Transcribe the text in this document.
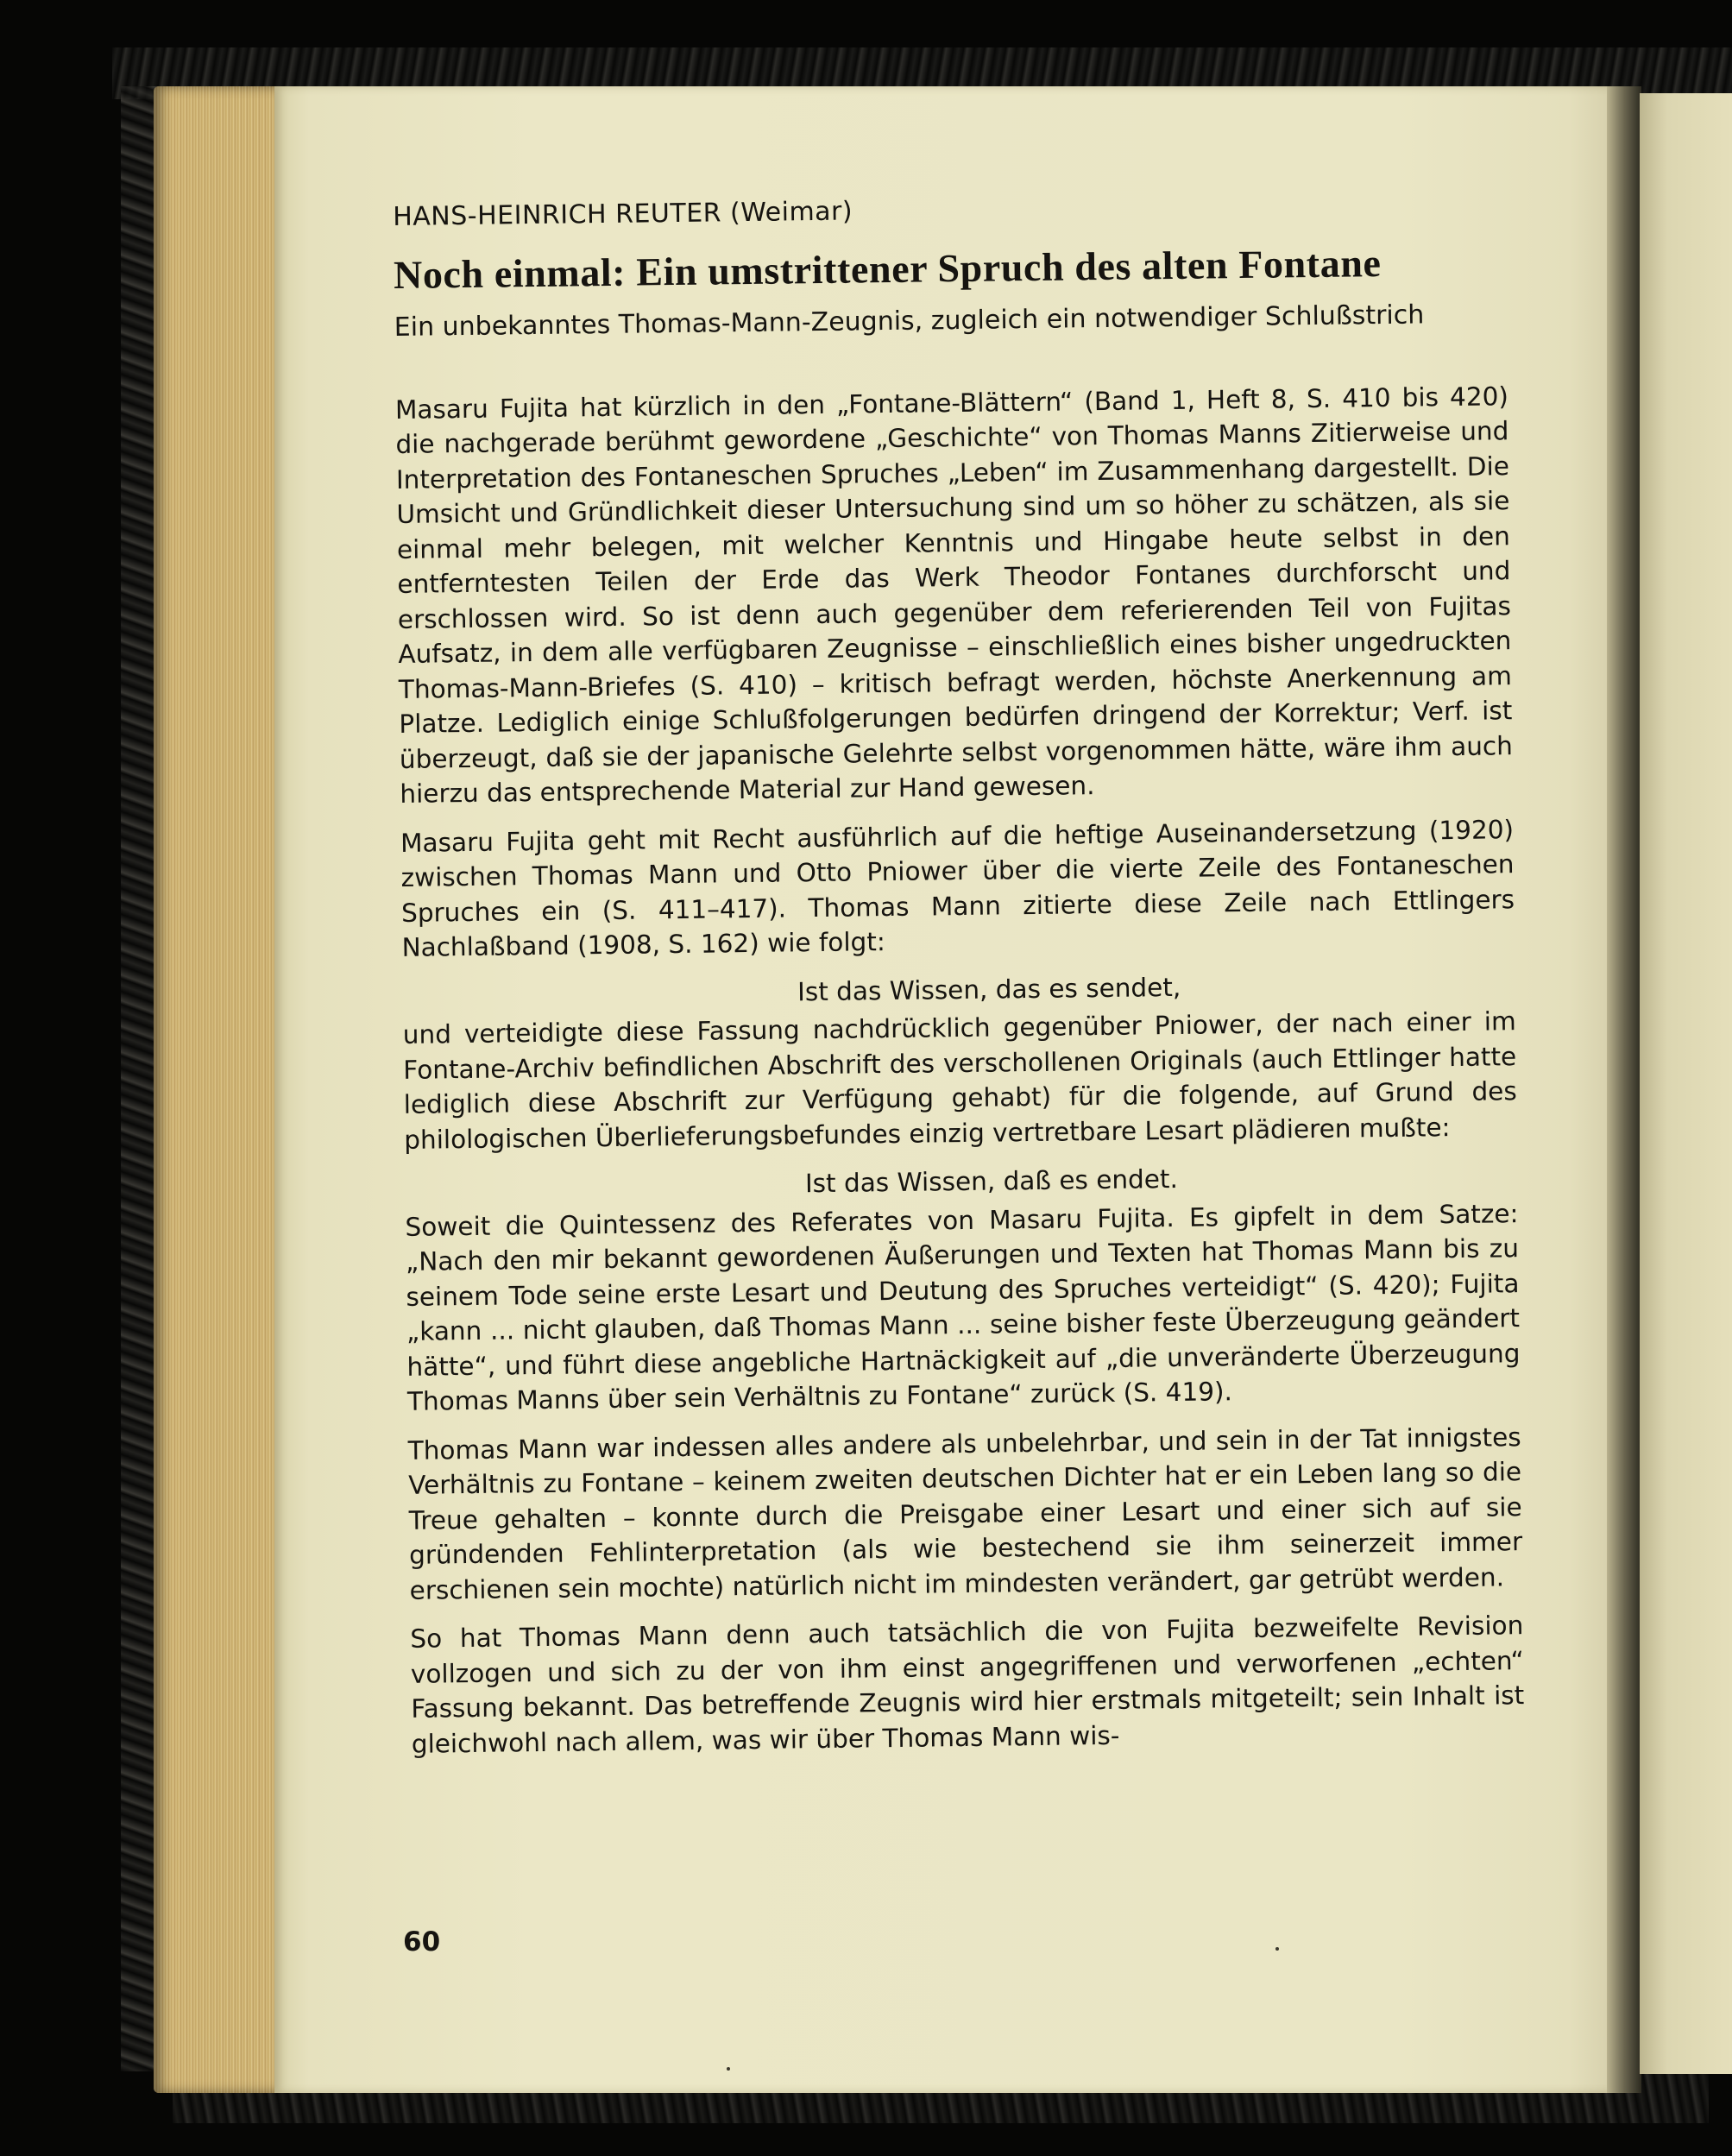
HANS-HEINRICH REUTER (Weimar)
Noch einmal: Ein umstrittener Spruch des alten Fontane
Ein unbekanntes Thomas-Mann-Zeugnis, zugleich ein notwendiger Schlußstrich

Masaru Fujita hat kürzlich in den „Fontane-Blättern“ (Band 1, Heft 8, S. 410 bis 420) die nachgerade berühmt gewordene „Geschichte“ von Thomas Manns Zitierweise und Interpretation des Fontaneschen Spruches „Leben“ im Zusammenhang dargestellt. Die Umsicht und Gründlichkeit dieser Untersuchung sind um so höher zu schätzen, als sie einmal mehr belegen, mit welcher Kenntnis und Hingabe heute selbst in den entferntesten Teilen der Erde das Werk Theodor Fontanes durchforscht und erschlossen wird. So ist denn auch gegenüber dem referierenden Teil von Fujitas Aufsatz, in dem alle verfügbaren Zeugnisse – einschließlich eines bisher ungedruckten Thomas-Mann-Briefes (S. 410) – kritisch befragt werden, höchste Anerkennung am Platze. Lediglich einige Schlußfolgerungen bedürfen dringend der Korrektur; Verf. ist überzeugt, daß sie der japanische Gelehrte selbst vorgenommen hätte, wäre ihm auch hierzu das entsprechende Material zur Hand gewesen.

Masaru Fujita geht mit Recht ausführlich auf die heftige Auseinandersetzung (1920) zwischen Thomas Mann und Otto Pniower über die vierte Zeile des Fontaneschen Spruches ein (S. 411–417). Thomas Mann zitierte diese Zeile nach Ettlingers Nachlaßband (1908, S. 162) wie folgt:

Ist das Wissen, das es sendet,

und verteidigte diese Fassung nachdrücklich gegenüber Pniower, der nach einer im Fontane-Archiv befindlichen Abschrift des verschollenen Originals (auch Ettlinger hatte lediglich diese Abschrift zur Verfügung gehabt) für die folgende, auf Grund des philologischen Überlieferungsbefundes einzig vertretbare Lesart plädieren mußte:

Ist das Wissen, daß es endet.

Soweit die Quintessenz des Referates von Masaru Fujita. Es gipfelt in dem Satze: „Nach den mir bekannt gewordenen Äußerungen und Texten hat Thomas Mann bis zu seinem Tode seine erste Lesart und Deutung des Spruches verteidigt“ (S. 420); Fujita „kann ... nicht glauben, daß Thomas Mann ... seine bisher feste Überzeugung geändert hätte“, und führt diese angebliche Hartnäckigkeit auf „die unveränderte Überzeugung Thomas Manns über sein Verhältnis zu Fontane“ zurück (S. 419).

Thomas Mann war indessen alles andere als unbelehrbar, und sein in der Tat innigstes Verhältnis zu Fontane – keinem zweiten deutschen Dichter hat er ein Leben lang so die Treue gehalten – konnte durch die Preisgabe einer Lesart und einer sich auf sie gründenden Fehlinterpretation (als wie bestechend sie ihm seinerzeit immer erschienen sein mochte) natürlich nicht im mindesten verändert, gar getrübt werden.

So hat Thomas Mann denn auch tatsächlich die von Fujita bezweifelte Revision vollzogen und sich zu der von ihm einst angegriffenen und verworfenen „echten“ Fassung bekannt. Das betreffende Zeugnis wird hier erstmals mitgeteilt; sein Inhalt ist gleichwohl nach allem, was wir über Thomas Mann wis-

60
